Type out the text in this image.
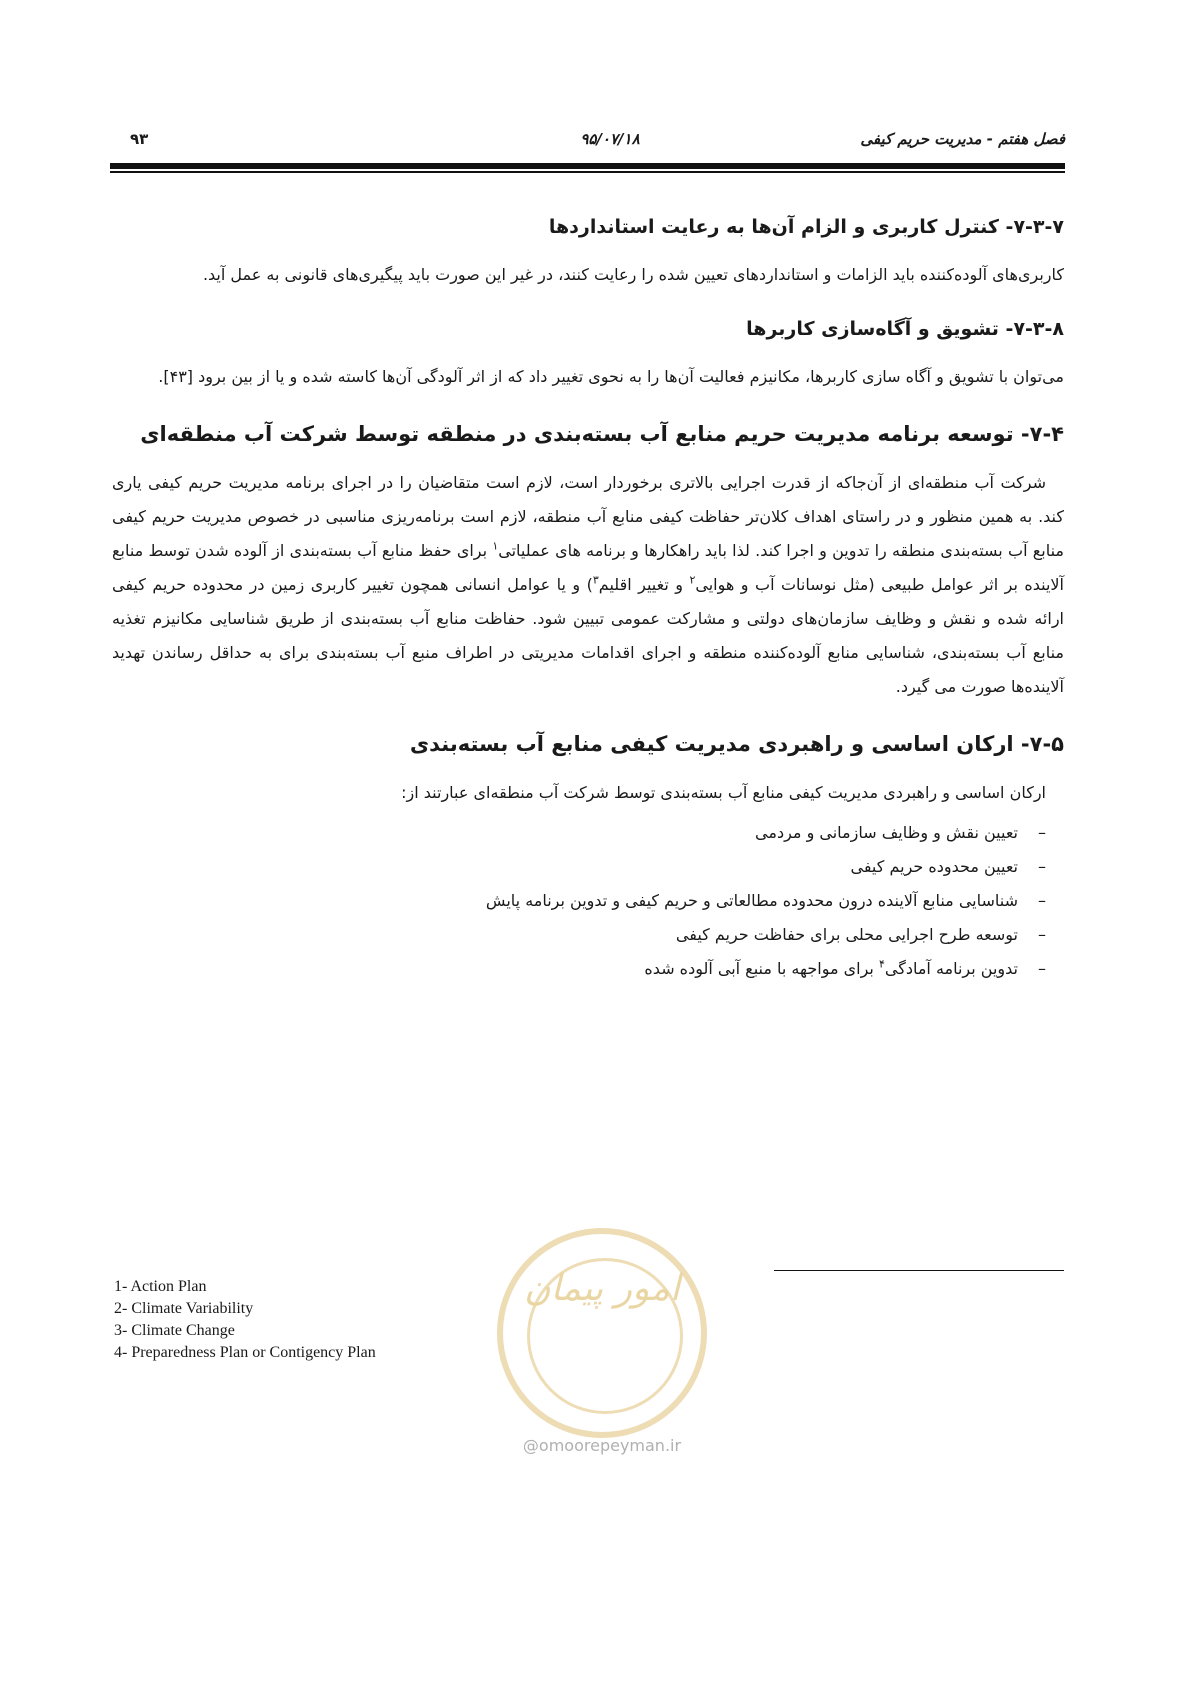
فصل هفتم - مدیریت حریم کیفی
۹۵/۰۷/۱۸
۹۳
۷-۳-۷- کنترل کاربری و الزام آن‌ها به رعایت استانداردها

کاربری‌های آلوده‌کننده باید الزامات و استانداردهای تعیین شده را رعایت کنند، در غیر این صورت باید پیگیری‌های قانونی به عمل آید.

۷-۳-۸- تشویق و آگاه‌سازی کاربرها

می‌توان با تشویق و آگاه سازی کاربرها، مکانیزم فعالیت آن‌ها را به نحوی تغییر داد که از اثر آلودگی آن‌ها کاسته شده و یا از بین برود [۴۳].

۷-۴- توسعه برنامه مدیریت حریم منابع آب بسته‌بندی در منطقه توسط شرکت آب منطقه‌ای

شرکت آب منطقه‌ای از آن‌جاکه از قدرت اجرایی بالاتری برخوردار است، لازم است متقاضیان را در اجرای برنامه مدیریت حریم کیفی یاری کند. به همین منظور و در راستای اهداف کلان‌تر حفاظت کیفی منابع آب منطقه، لازم است برنامه‌ریزی مناسبی در خصوص مدیریت حریم کیفی منابع آب بسته‌بندی منطقه را تدوین و اجرا کند. لذا باید راهکارها و برنامه های عملیاتی$^۱$ برای حفظ منابع آب بسته‌بندی از آلوده شدن توسط منابع آلاینده بر اثر عوامل طبیعی (مثل نوسانات آب و هوایی$^۲$ و تغییر اقلیم$^۳$) و یا عوامل انسانی همچون تغییر کاربری زمین در محدوده حریم کیفی ارائه شده و نقش و وظایف سازمان‌های دولتی و مشارکت عمومی تبیین شود. حفاظت منابع آب بسته‌بندی از طریق شناسایی مکانیزم تغذیه منابع آب بسته‌بندی، شناسایی منابع آلوده‌کننده منطقه و اجرای اقدامات مدیریتی در اطراف منبع آب بسته‌بندی برای به حداقل رساندن تهدید آلاینده‌ها صورت می گیرد.

۷-۵- ارکان اساسی و راهبردی مدیریت کیفی منابع آب بسته‌بندی

ارکان اساسی و راهبردی مدیریت کیفی منابع آب بسته‌بندی توسط شرکت آب منطقه‌ای عبارتند از:

–تعیین نقش و وظایف سازمانی و مردمی
–تعیین محدوده حریم کیفی
–شناسایی منابع آلاینده درون محدوده مطالعاتی و حریم کیفی و تدوین برنامه پایش
–توسعه طرح اجرایی محلی برای حفاظت حریم کیفی
–تدوین برنامه آمادگی$^۴$ برای مواجهه با منبع آبی آلوده شده
امور پیمان
1- Action Plan
2- Climate Variability
3- Climate Change
4- Preparedness Plan or Contigency Plan
@omoorepeyman.ir
